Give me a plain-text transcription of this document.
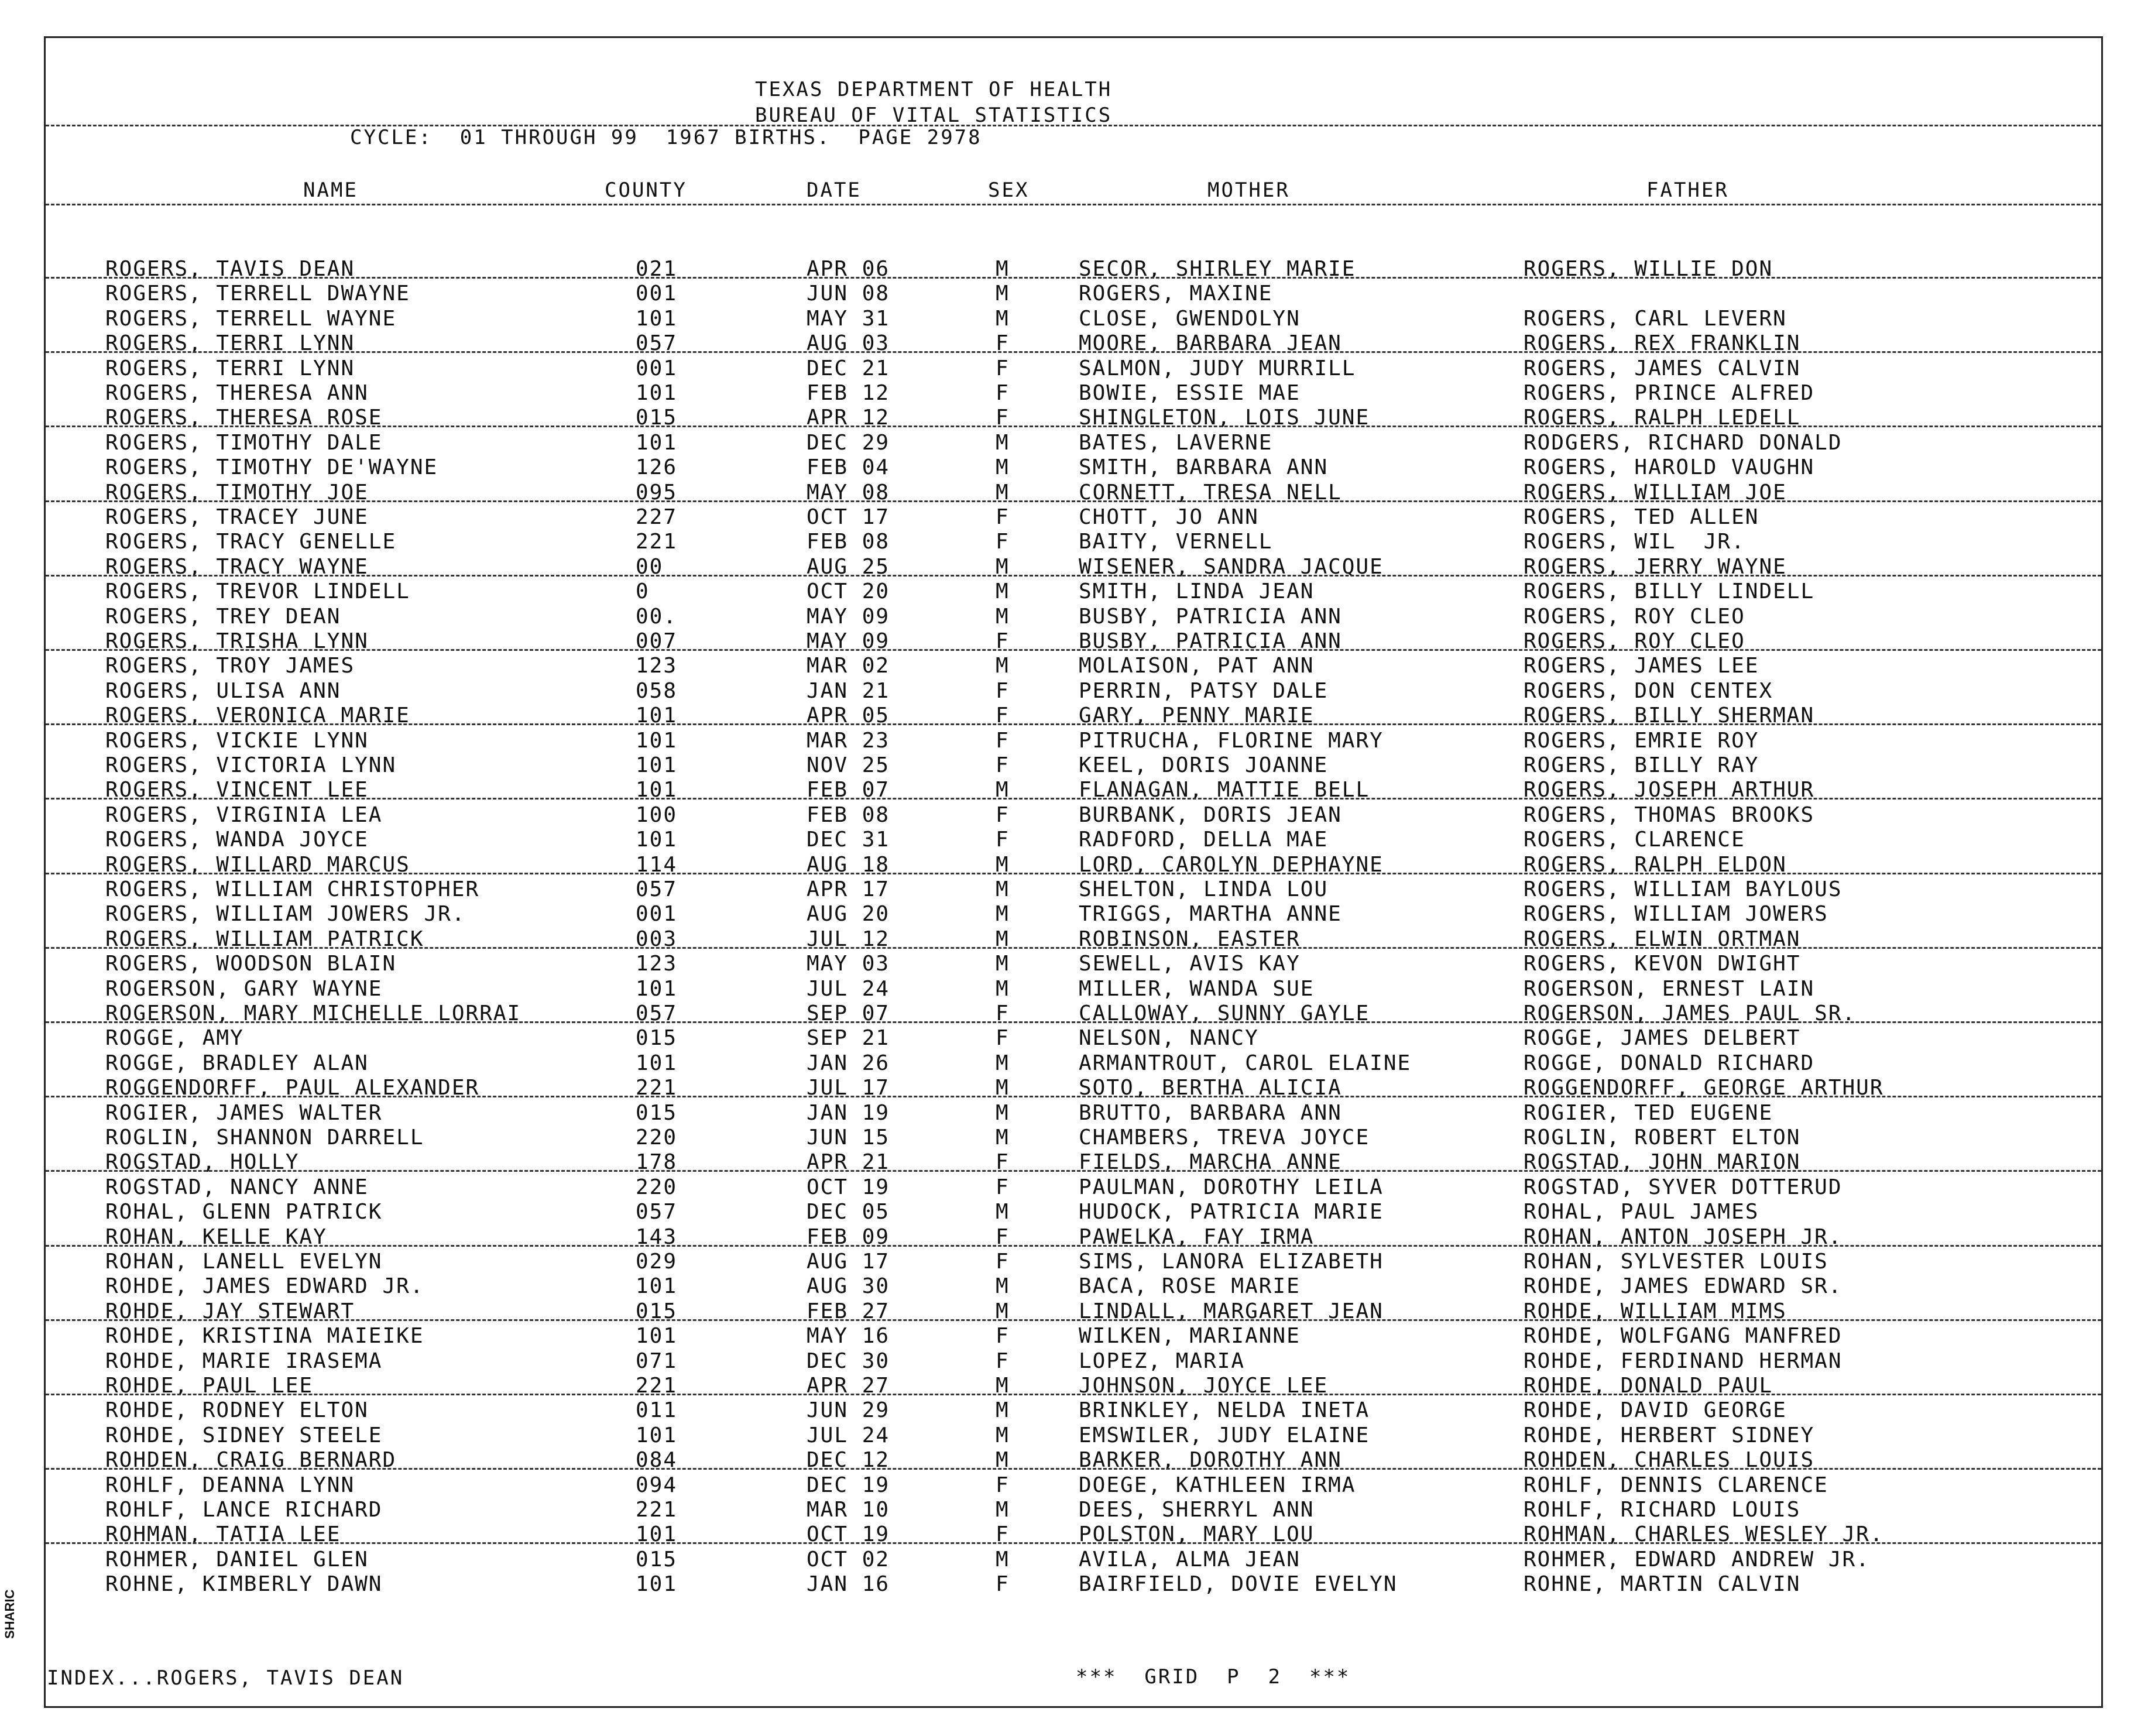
TEXAS DEPARTMENT OF HEALTH
BUREAU OF VITAL STATISTICS
CYCLE:  01 THROUGH 99  1967 BIRTHS.  PAGE 2978
NAME	COUNTY	DATE	SEX	MOTHER	FATHER
ROGERS, TAVIS DEAN	021	APR 06	M	SECOR, SHIRLEY MARIE	ROGERS, WILLIE DON
ROGERS, TERRELL DWAYNE	001	JUN 08	M	ROGERS, MAXINE
ROGERS, TERRELL WAYNE	101	MAY 31	M	CLOSE, GWENDOLYN	ROGERS, CARL LEVERN
ROGERS, TERRI LYNN	057	AUG 03	F	MOORE, BARBARA JEAN	ROGERS, REX FRANKLIN
ROGERS, TERRI LYNN	001	DEC 21	F	SALMON, JUDY MURRILL	ROGERS, JAMES CALVIN
ROGERS, THERESA ANN	101	FEB 12	F	BOWIE, ESSIE MAE	ROGERS, PRINCE ALFRED
ROGERS, THERESA ROSE	015	APR 12	F	SHINGLETON, LOIS JUNE	ROGERS, RALPH LEDELL
ROGERS, TIMOTHY DALE	101	DEC 29	M	BATES, LAVERNE	RODGERS, RICHARD DONALD
ROGERS, TIMOTHY DE'WAYNE	126	FEB 04	M	SMITH, BARBARA ANN	ROGERS, HAROLD VAUGHN
ROGERS, TIMOTHY JOE	095	MAY 08	M	CORNETT, TRESA NELL	ROGERS, WILLIAM JOE
ROGERS, TRACEY JUNE	227	OCT 17	F	CHOTT, JO ANN	ROGERS, TED ALLEN
ROGERS, TRACY GENELLE	221	FEB 08	F	BAITY, VERNELL	ROGERS, WIL  JR.
ROGERS, TRACY WAYNE	00	AUG 25	M	WISENER, SANDRA JACQUE	ROGERS, JERRY WAYNE
ROGERS, TREVOR LINDELL	0	OCT 20	M	SMITH, LINDA JEAN	ROGERS, BILLY LINDELL
ROGERS, TREY DEAN	00.	MAY 09	M	BUSBY, PATRICIA ANN	ROGERS, ROY CLEO
ROGERS, TRISHA LYNN	007	MAY 09	F	BUSBY, PATRICIA ANN	ROGERS, ROY CLEO
ROGERS, TROY JAMES	123	MAR 02	M	MOLAISON, PAT ANN	ROGERS, JAMES LEE
ROGERS, ULISA ANN	058	JAN 21	F	PERRIN, PATSY DALE	ROGERS, DON CENTEX
ROGERS, VERONICA MARIE	101	APR 05	F	GARY, PENNY MARIE	ROGERS, BILLY SHERMAN
ROGERS, VICKIE LYNN	101	MAR 23	F	PITRUCHA, FLORINE MARY	ROGERS, EMRIE ROY
ROGERS, VICTORIA LYNN	101	NOV 25	F	KEEL, DORIS JOANNE	ROGERS, BILLY RAY
ROGERS, VINCENT LEE	101	FEB 07	M	FLANAGAN, MATTIE BELL	ROGERS, JOSEPH ARTHUR
ROGERS, VIRGINIA LEA	100	FEB 08	F	BURBANK, DORIS JEAN	ROGERS, THOMAS BROOKS
ROGERS, WANDA JOYCE	101	DEC 31	F	RADFORD, DELLA MAE	ROGERS, CLARENCE
ROGERS, WILLARD MARCUS	114	AUG 18	M	LORD, CAROLYN DEPHAYNE	ROGERS, RALPH ELDON
ROGERS, WILLIAM CHRISTOPHER	057	APR 17	M	SHELTON, LINDA LOU	ROGERS, WILLIAM BAYLOUS
ROGERS, WILLIAM JOWERS JR.	001	AUG 20	M	TRIGGS, MARTHA ANNE	ROGERS, WILLIAM JOWERS
ROGERS, WILLIAM PATRICK	003	JUL 12	M	ROBINSON, EASTER	ROGERS, ELWIN ORTMAN
ROGERS, WOODSON BLAIN	123	MAY 03	M	SEWELL, AVIS KAY	ROGERS, KEVON DWIGHT
ROGERSON, GARY WAYNE	101	JUL 24	M	MILLER, WANDA SUE	ROGERSON, ERNEST LAIN
ROGERSON, MARY MICHELLE LORRAI	057	SEP 07	F	CALLOWAY, SUNNY GAYLE	ROGERSON, JAMES PAUL SR.
ROGGE, AMY	015	SEP 21	F	NELSON, NANCY	ROGGE, JAMES DELBERT
ROGGE, BRADLEY ALAN	101	JAN 26	M	ARMANTROUT, CAROL ELAINE	ROGGE, DONALD RICHARD
ROGGENDORFF, PAUL ALEXANDER	221	JUL 17	M	SOTO, BERTHA ALICIA	ROGGENDORFF, GEORGE ARTHUR
ROGIER, JAMES WALTER	015	JAN 19	M	BRUTTO, BARBARA ANN	ROGIER, TED EUGENE
ROGLIN, SHANNON DARRELL	220	JUN 15	M	CHAMBERS, TREVA JOYCE	ROGLIN, ROBERT ELTON
ROGSTAD, HOLLY	178	APR 21	F	FIELDS, MARCHA ANNE	ROGSTAD, JOHN MARION
ROGSTAD, NANCY ANNE	220	OCT 19	F	PAULMAN, DOROTHY LEILA	ROGSTAD, SYVER DOTTERUD
ROHAL, GLENN PATRICK	057	DEC 05	M	HUDOCK, PATRICIA MARIE	ROHAL, PAUL JAMES
ROHAN, KELLE KAY	143	FEB 09	F	PAWELKA, FAY IRMA	ROHAN, ANTON JOSEPH JR.
ROHAN, LANELL EVELYN	029	AUG 17	F	SIMS, LANORA ELIZABETH	ROHAN, SYLVESTER LOUIS
ROHDE, JAMES EDWARD JR.	101	AUG 30	M	BACA, ROSE MARIE	ROHDE, JAMES EDWARD SR.
ROHDE, JAY STEWART	015	FEB 27	M	LINDALL, MARGARET JEAN	ROHDE, WILLIAM MIMS
ROHDE, KRISTINA MAIEIKE	101	MAY 16	F	WILKEN, MARIANNE	ROHDE, WOLFGANG MANFRED
ROHDE, MARIE IRASEMA	071	DEC 30	F	LOPEZ, MARIA	ROHDE, FERDINAND HERMAN
ROHDE, PAUL LEE	221	APR 27	M	JOHNSON, JOYCE LEE	ROHDE, DONALD PAUL
ROHDE, RODNEY ELTON	011	JUN 29	M	BRINKLEY, NELDA INETA	ROHDE, DAVID GEORGE
ROHDE, SIDNEY STEELE	101	JUL 24	M	EMSWILER, JUDY ELAINE	ROHDE, HERBERT SIDNEY
ROHDEN, CRAIG BERNARD	084	DEC 12	M	BARKER, DOROTHY ANN	ROHDEN, CHARLES LOUIS
ROHLF, DEANNA LYNN	094	DEC 19	F	DOEGE, KATHLEEN IRMA	ROHLF, DENNIS CLARENCE
ROHLF, LANCE RICHARD	221	MAR 10	M	DEES, SHERRYL ANN	ROHLF, RICHARD LOUIS
ROHMAN, TATIA LEE	101	OCT 19	F	POLSTON, MARY LOU	ROHMAN, CHARLES WESLEY JR.
ROHMER, DANIEL GLEN	015	OCT 02	M	AVILA, ALMA JEAN	ROHMER, EDWARD ANDREW JR.
ROHNE, KIMBERLY DAWN	101	JAN 16	F	BAIRFIELD, DOVIE EVELYN	ROHNE, MARTIN CALVIN
INDEX...ROGERS, TAVIS DEAN	***  GRID  P  2  ***
SHARIC
